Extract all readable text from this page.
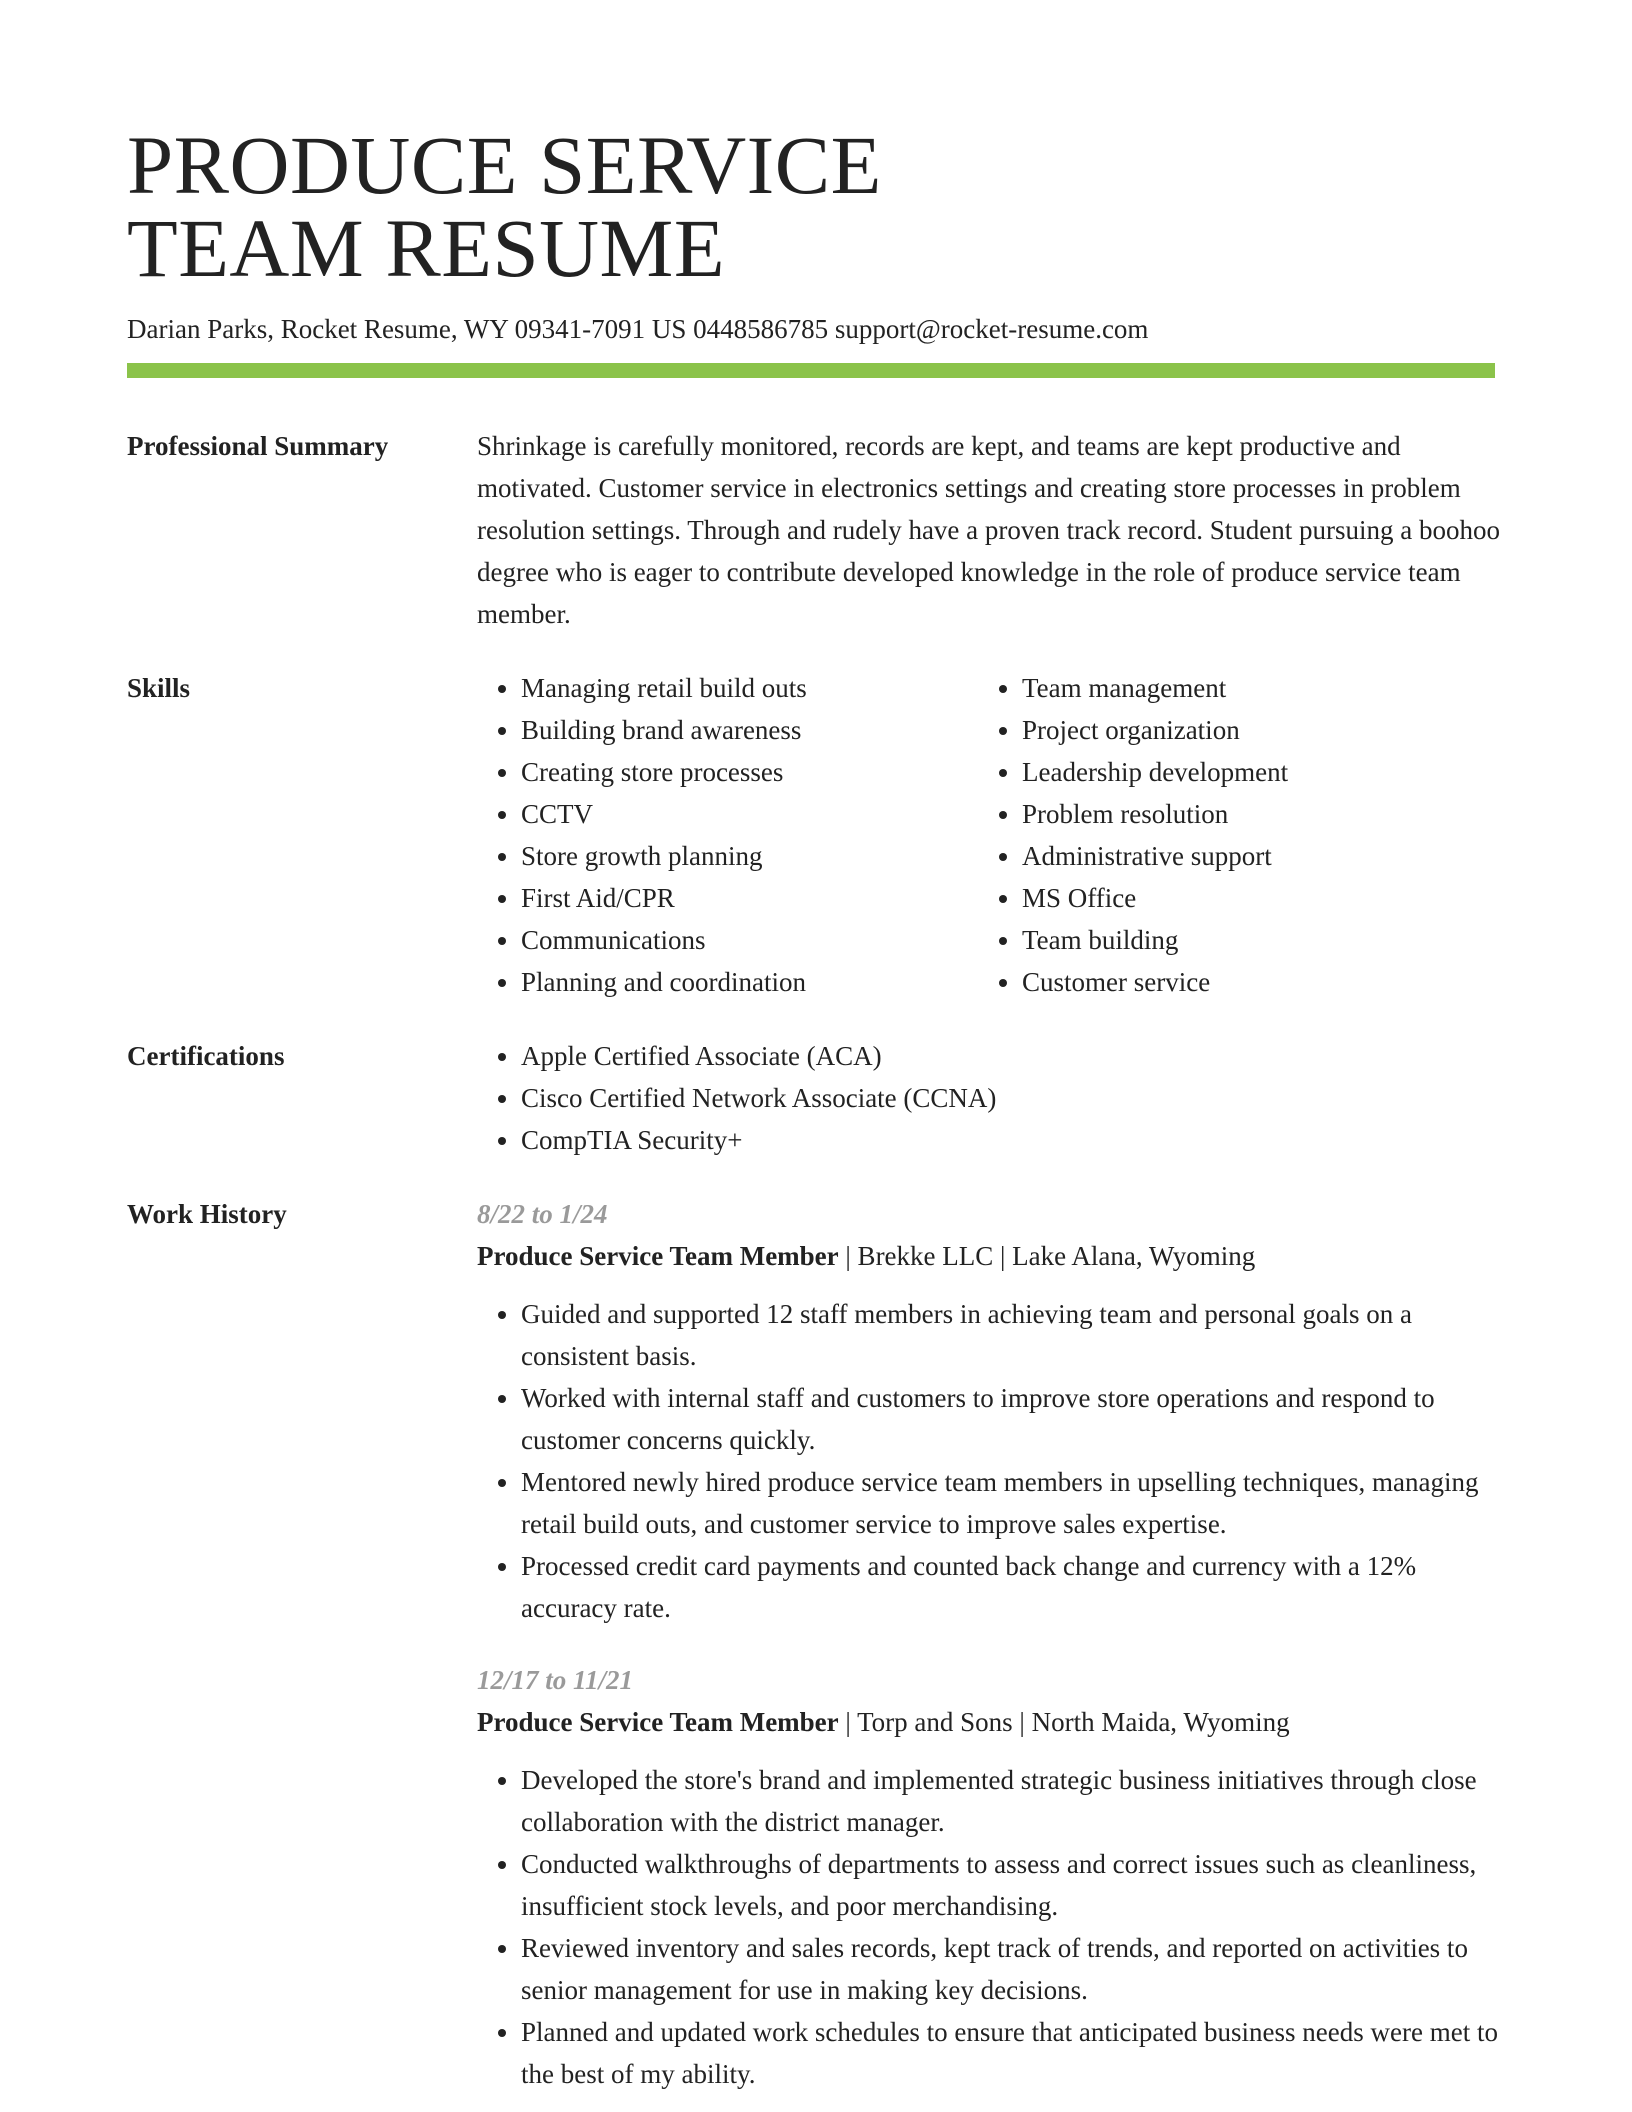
PRODUCE SERVICE
TEAM RESUME
Darian Parks, Rocket Resume, WY 09341-7091 US 0448586785 support@rocket-resume.com
Professional Summary	Shrinkage is carefully monitored, records are kept, and teams are kept productive and motivated. Customer service in electronics settings and creating store processes in problem resolution settings. Through and rudely have a proven track record. Student pursuing a boohoo degree who is eager to contribute developed knowledge in the role of produce service team member.

Skills	• Managing retail build outs
• Building brand awareness
• Creating store processes
• CCTV
• Store growth planning
• First Aid/CPR
• Communications
• Planning and coordination
• Team management
• Project organization
• Leadership development
• Problem resolution
• Administrative support
• MS Office
• Team building
• Customer service
Certifications	• Apple Certified Associate (ACA)
• Cisco Certified Network Associate (CCNA)
• CompTIA Security+
Work History	8/22 to 1/24
Produce Service Team Member | Brekke LLC | Lake Alana, Wyoming
• Guided and supported 12 staff members in achieving team and personal goals on a consistent basis.
• Worked with internal staff and customers to improve store operations and respond to customer concerns quickly.
• Mentored newly hired produce service team members in upselling techniques, managing retail build outs, and customer service to improve sales expertise.
• Processed credit card payments and counted back change and currency with a 12% accuracy rate.
12/17 to 11/21
Produce Service Team Member | Torp and Sons | North Maida, Wyoming
• Developed the store's brand and implemented strategic business initiatives through close collaboration with the district manager.
• Conducted walkthroughs of departments to assess and correct issues such as cleanliness, insufficient stock levels, and poor merchandising.
• Reviewed inventory and sales records, kept track of trends, and reported on activities to senior management for use in making key decisions.
• Planned and updated work schedules to ensure that anticipated business needs were met to the best of my ability.
